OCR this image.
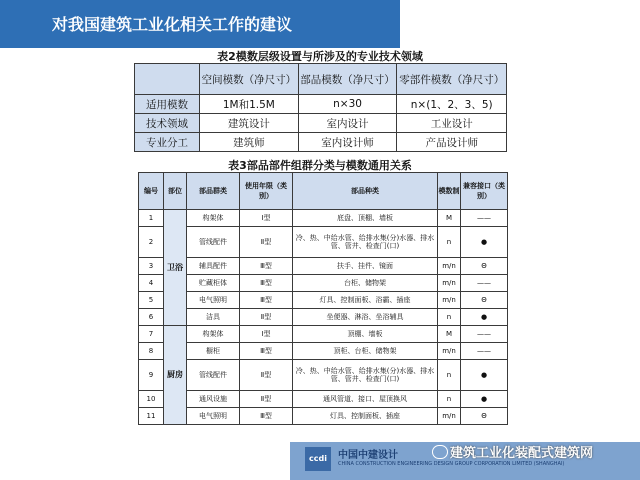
对我国建筑工业化相关工作的建议
表2模数层级设置与所涉及的专业技术领域
	空间模数（净尺寸）	部品模数（净尺寸）	零部件模数（净尺寸）
适用模数	1M和1.5M	n×30	n×(1、2、3、5)
技术领域	建筑设计	室内设计	工业设计
专业分工	建筑师	室内设计师	产品设计师
表3部品部件组群分类与模数通用关系
编号	部位	部品群类	使用年限（类别）	部品种类	模数制	兼容接口（类别）
1	卫浴	构架体	Ⅰ型	底盘、顶棚、墙板	M	——
2		管线配件	Ⅱ型	冷、热、中给水管、给排水集(分)水器、排水管、管井、检查门(口)	n	●
3		辅具配件	Ⅲ型	扶手、挂件、镜面	m/n	Θ
4		贮藏柜体	Ⅲ型	台柜、储物架	m/n	——
5		电气照明	Ⅲ型	灯具、控制面板、浴霸、插座	m/n	Θ
6		洁具	Ⅱ型	坐便器、淋浴、坐浴辅具	n	●
7	厨房	构架体	Ⅰ型	顶棚、墙板	M	——
8		橱柜	Ⅲ型	顶柜、台柜、储物架	m/n	——
9		管线配件	Ⅱ型	冷、热、中给水管、给排水集(分)水器、排水管、管井、检查门(口)	n	●
10		通风设施	Ⅱ型	通风管道、接口、屋顶换风	n	●
11		电气照明	Ⅲ型	灯具、控制面板、插座	m/n	Θ
ccdi	中国中建设计
CHINA CONSTRUCTION ENGINEERING DESIGN GROUP CORPORATION LIMITED (SHANGHAI)
建筑工业化装配式建筑网
